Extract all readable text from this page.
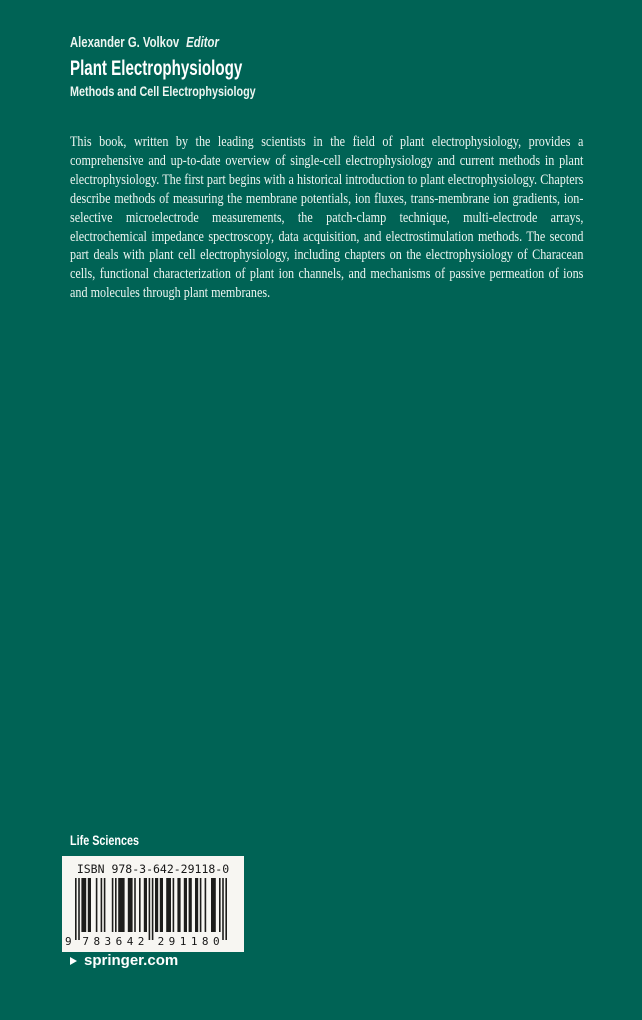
Alexander G. Volkov Editor
Plant Electrophysiology
Methods and Cell Electrophysiology

This book, written by the leading scientists in the field of plant electrophysiology, provides a comprehensive and up-to-date overview of single-cell electrophysiology and current methods in plant electrophysiology. The first part begins with a historical introduction to plant electrophysiology. Chapters describe methods of measuring the membrane potentials, ion fluxes, trans-membrane ion gradients, ion-selective microelectrode measurements, the patch-clamp technique, multi-electrode arrays, electrochemical impedance spectroscopy, data acquisition, and electrostimulation methods. The second part deals with plant cell electrophysiology, including chapters on the electrophysiology of Characean cells, functional characterization of plant ion channels, and mechanisms of passive permeation of ions and molecules through plant membranes.

Life Sciences
ISBN 978-3-642-29118-0
9 783642 291180
springer.com
